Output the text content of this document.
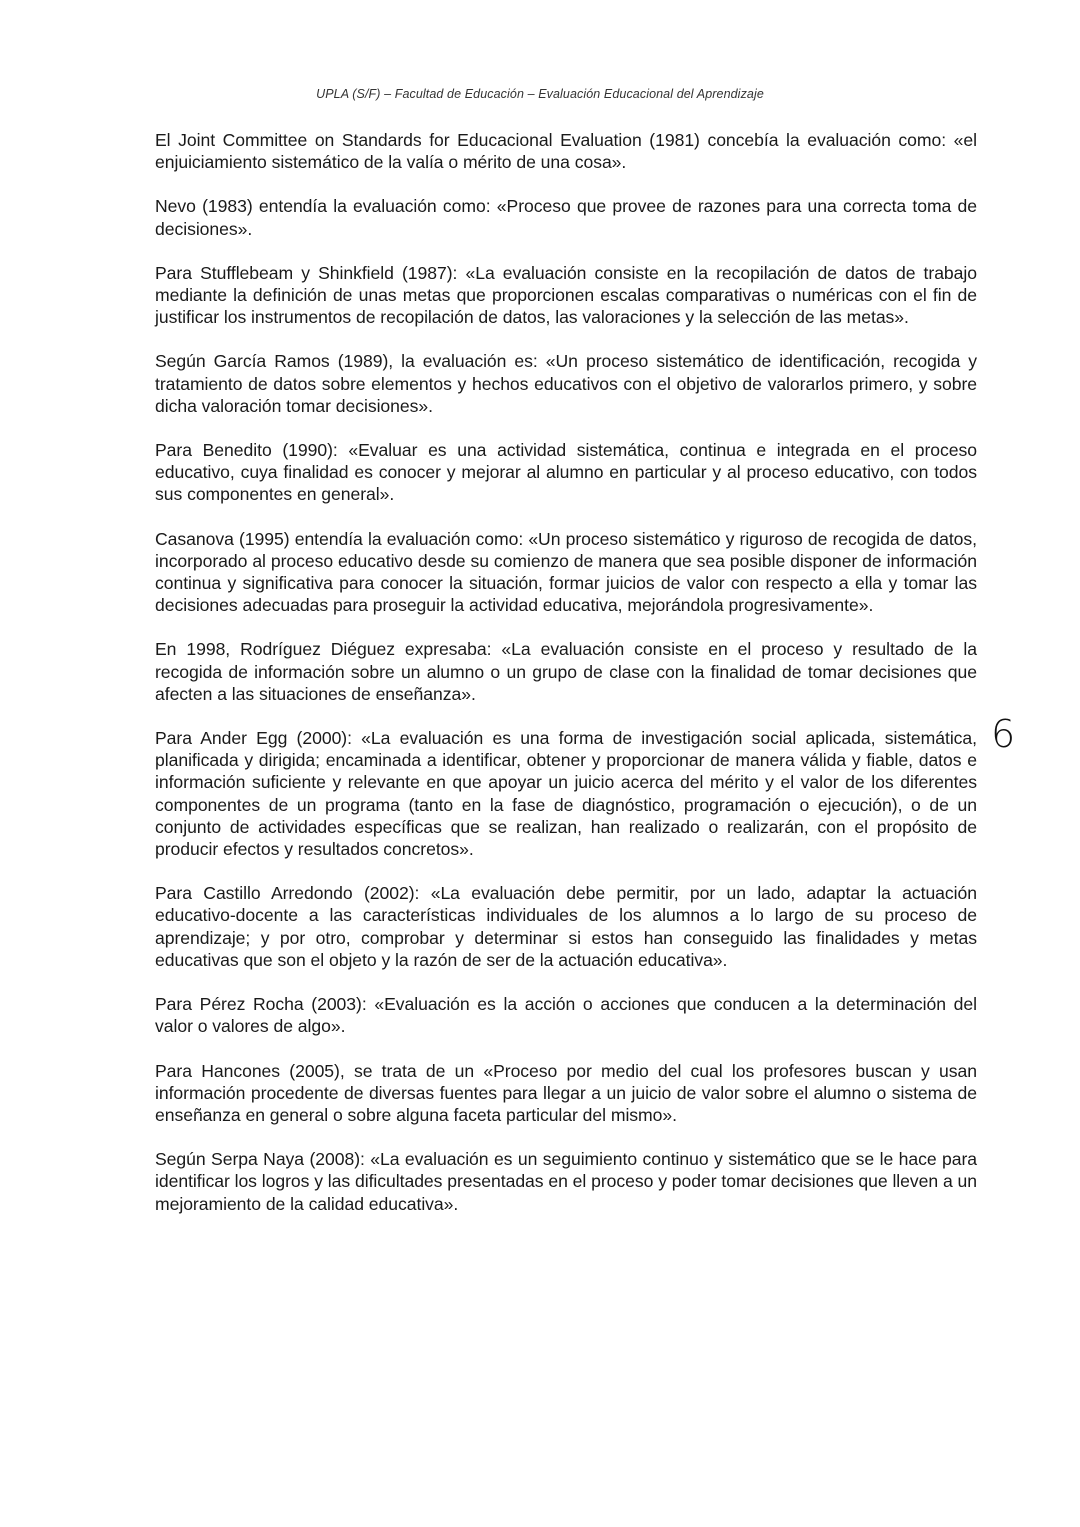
UPLA (S/F) – Facultad de Educación – Evaluación Educacional del Aprendizaje

El Joint Committee on Standards for Educacional Evaluation (1981) concebía la evaluación como: «el enjuiciamiento sistemático de la valía o mérito de una cosa».

Nevo (1983) entendía la evaluación como: «Proceso que provee de razones para una correcta toma de decisiones».

Para Stufflebeam y Shinkfield (1987): «La evaluación consiste en la recopilación de datos de trabajo mediante la definición de unas metas que proporcionen escalas comparativas o numéricas con el fin de justificar los instrumentos de recopilación de datos, las valoraciones y la selección de las metas».

Según García Ramos (1989), la evaluación es: «Un proceso sistemático de identificación, recogida y tratamiento de datos sobre elementos y hechos educativos con el objetivo de valorarlos primero, y sobre dicha valoración tomar decisiones».

Para Benedito (1990): «Evaluar es una actividad sistemática, continua e integrada en el proceso educativo, cuya finalidad es conocer y mejorar al alumno en particular y al proceso educativo, con todos sus componentes en general».

Casanova (1995) entendía la evaluación como: «Un proceso sistemático y riguroso de recogida de datos, incorporado al proceso educativo desde su comienzo de manera que sea posible disponer de información continua y significativa para conocer la situación, formar juicios de valor con respecto a ella y tomar las decisiones adecuadas para proseguir la actividad educativa, mejorándola progresivamente».

En 1998, Rodríguez Diéguez expresaba: «La evaluación consiste en el proceso y resultado de la recogida de información sobre un alumno o un grupo de clase con la finalidad de tomar decisiones que afecten a las situaciones de enseñanza».

Para Ander Egg (2000): «La evaluación es una forma de investigación social aplicada, sistemática, planificada y dirigida; encaminada a identificar, obtener y proporcionar de manera válida y fiable, datos e información suficiente y relevante en que apoyar un juicio acerca del mérito y el valor de los diferentes componentes de un programa (tanto en la fase de diagnóstico, programación o ejecución), o de un conjunto de actividades específicas que se realizan, han realizado o realizarán, con el propósito de producir efectos y resultados concretos».

Para Castillo Arredondo (2002): «La evaluación debe permitir, por un lado, adaptar la actuación educativo-docente a las características individuales de los alumnos a lo largo de su proceso de aprendizaje; y por otro, comprobar y determinar si estos han conseguido las finalidades y metas educativas que son el objeto y la razón de ser de la actuación educativa».

Para Pérez Rocha (2003): «Evaluación es la acción o acciones que conducen a la determinación del valor o valores de algo».

Para Hancones (2005), se trata de un «Proceso por medio del cual los profesores buscan y usan información procedente de diversas fuentes para llegar a un juicio de valor sobre el alumno o sistema de enseñanza en general o sobre alguna faceta particular del mismo».

Según Serpa Naya (2008): «La evaluación es un seguimiento continuo y sistemático que se le hace para identificar los logros y las dificultades presentadas en el proceso y poder tomar decisiones que lleven a un mejoramiento de la calidad educativa».

6
